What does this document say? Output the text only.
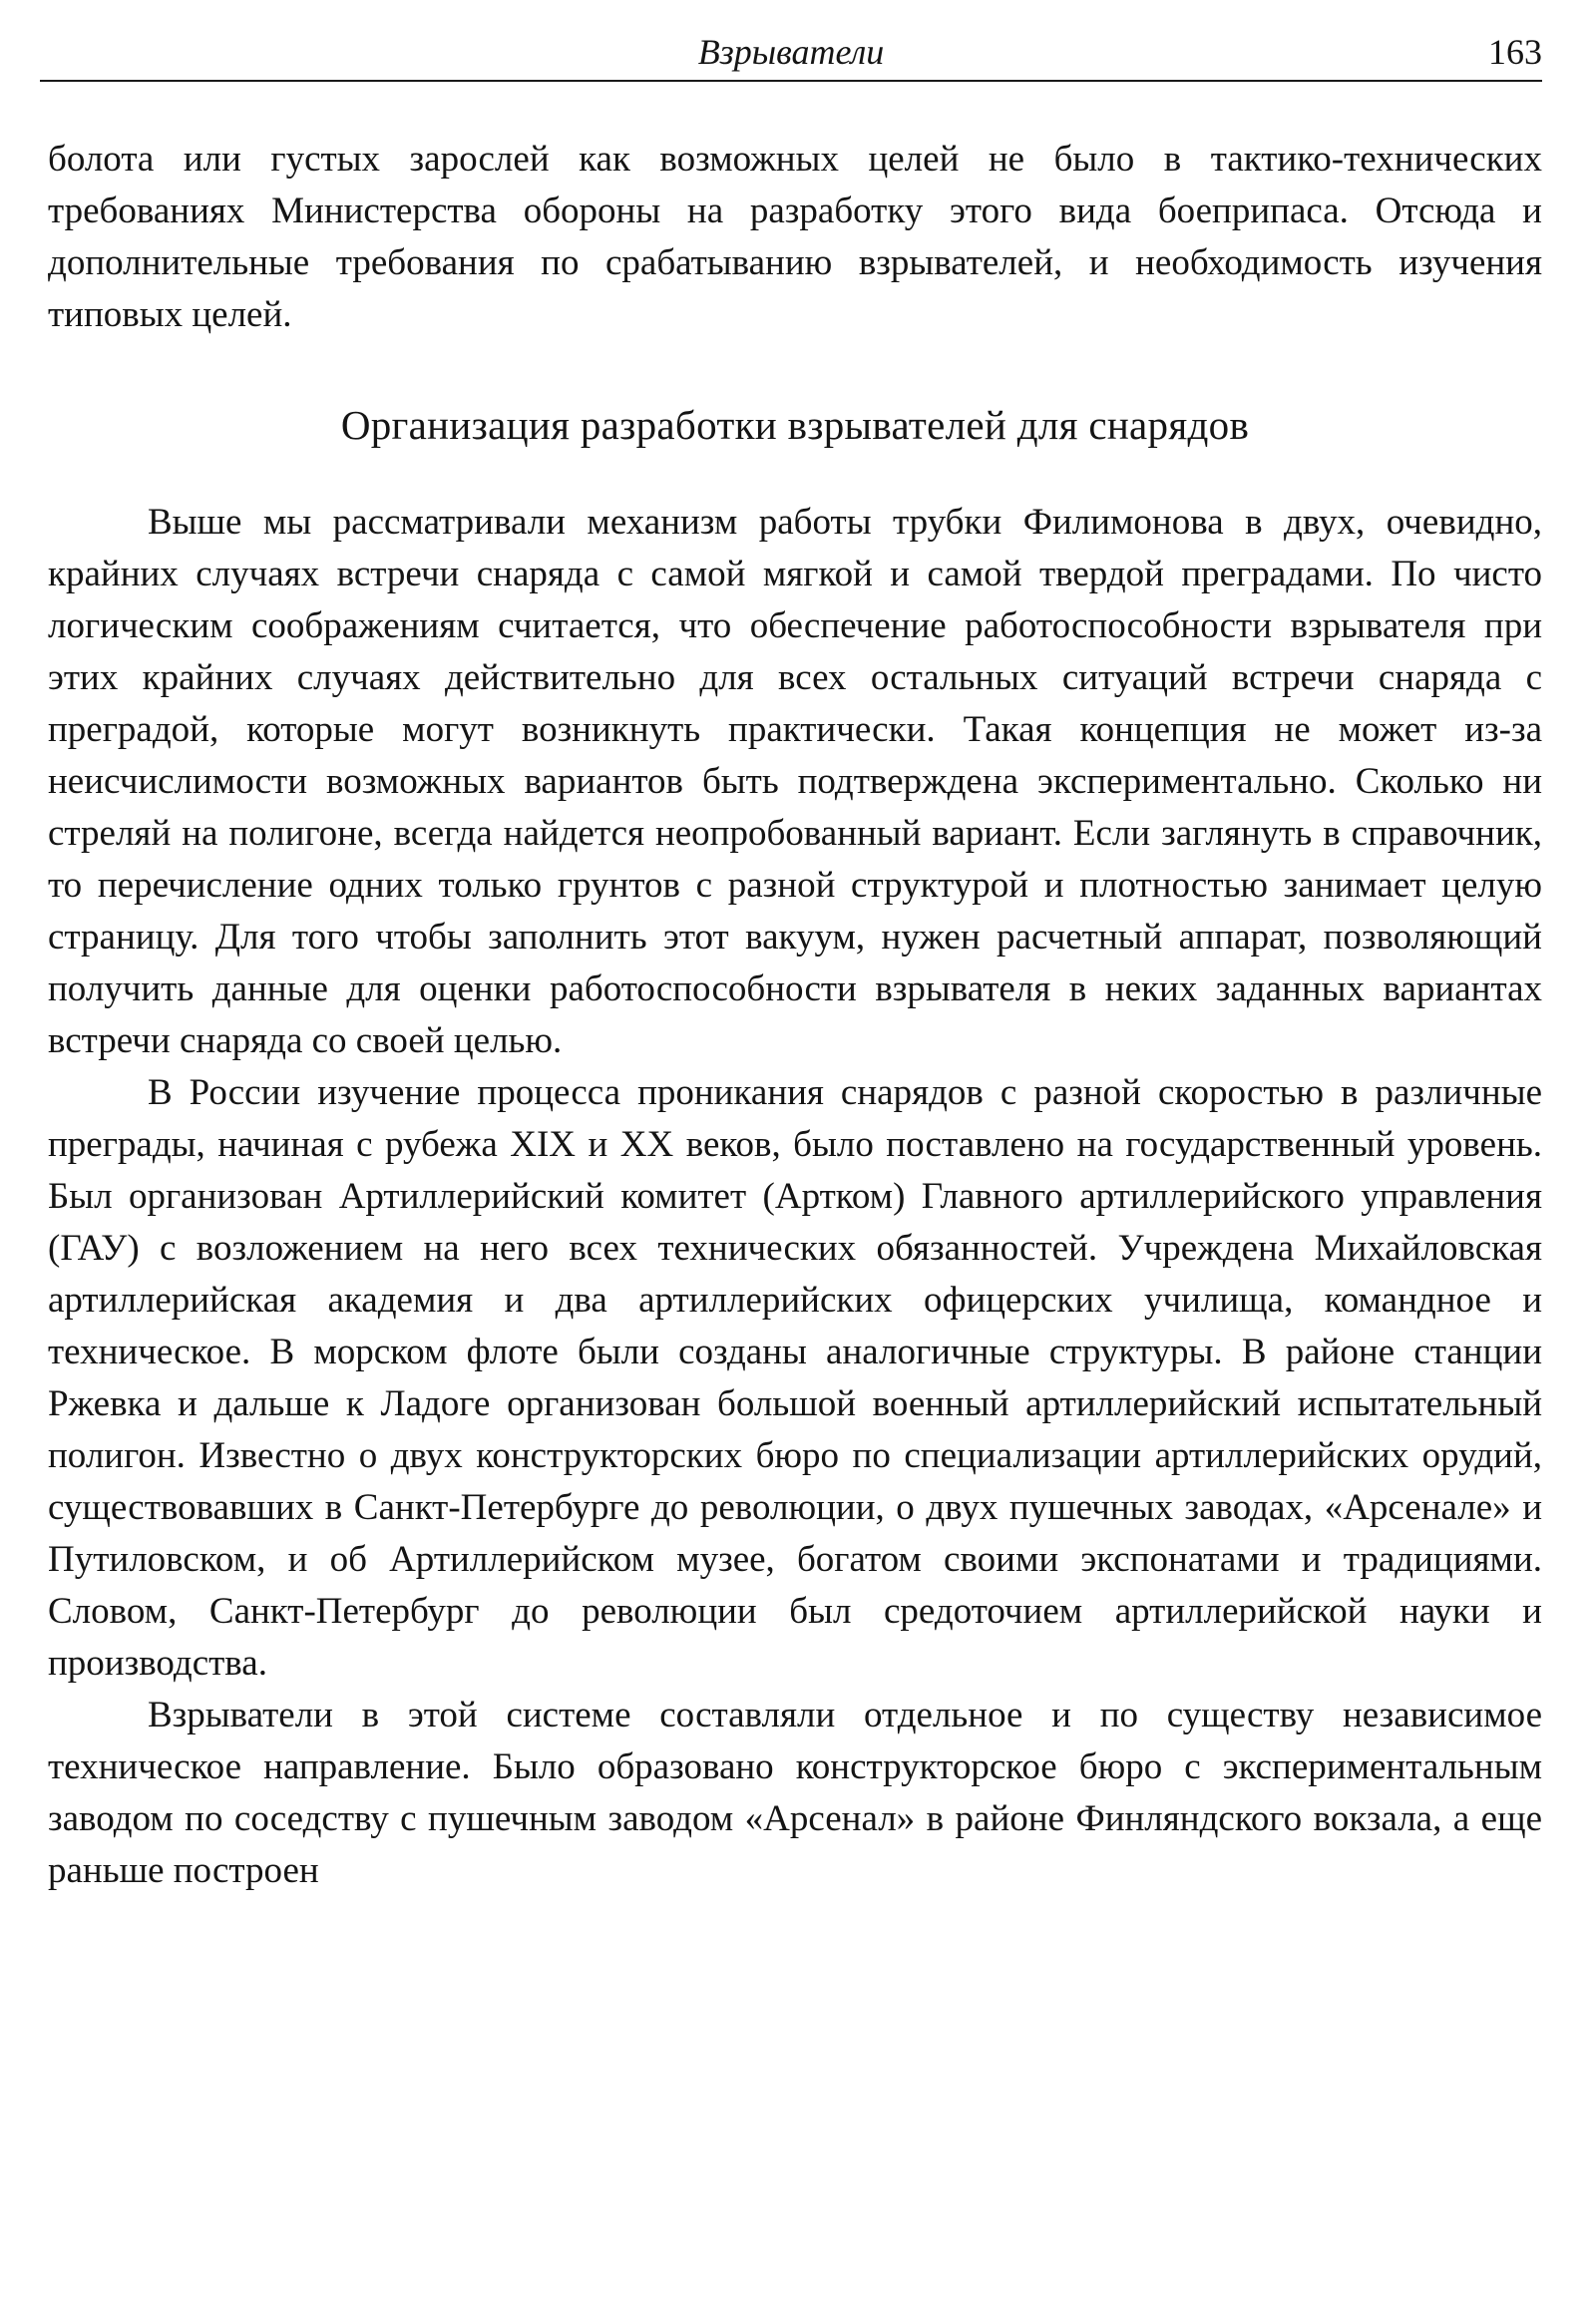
Взрыватели	163

болота или густых зарослей как возможных целей не было в тактико-технических требованиях Министерства обороны на разработку этого вида боеприпаса. Отсюда и дополнительные требования по срабатыванию взрывателей, и необходимость изучения типовых целей.

Организация разработки взрывателей для снарядов

Выше мы рассматривали механизм работы трубки Филимонова в двух, очевидно, крайних случаях встречи снаряда с самой мягкой и самой твердой преградами. По чисто логическим соображениям считается, что обеспечение работоспособности взрывателя при этих крайних случаях действительно для всех остальных ситуаций встречи снаряда с преградой, которые могут возникнуть практически. Такая концепция не может из-за неисчислимости возможных вариантов быть подтверждена экспериментально. Сколько ни стреляй на полигоне, всегда найдется неопробованный вариант. Если заглянуть в справочник, то перечисление одних только грунтов с разной структурой и плотностью занимает целую страницу. Для того чтобы заполнить этот вакуум, нужен расчетный аппарат, позволяющий получить данные для оценки работоспособности взрывателя в неких заданных вариантах встречи снаряда со своей целью.

В России изучение процесса проникания снарядов с разной скоростью в различные преграды, начиная с рубежа XIX и XX веков, было поставлено на государственный уровень. Был организован Артиллерийский комитет (Артком) Главного артиллерийского управления (ГАУ) с возложением на него всех технических обязанностей. Учреждена Михайловская артиллерийская академия и два артиллерийских офицерских училища, командное и техническое. В морском флоте были созданы аналогичные структуры. В районе станции Ржевка и дальше к Ладоге организован большой военный артиллерийский испытательный полигон. Известно о двух конструкторских бюро по специализации артиллерийских орудий, существовавших в Санкт-Петербурге до революции, о двух пушечных заводах, «Арсенале» и Путиловском, и об Артиллерийском музее, богатом своими экспонатами и традициями. Словом, Санкт-Петербург до революции был средоточием артиллерийской науки и производства.

Взрыватели в этой системе составляли отдельное и по существу независимое техническое направление. Было образовано конструкторское бюро с экспериментальным заводом по соседству с пушечным заводом «Арсенал» в районе Финляндского вокзала, а еще раньше построен
